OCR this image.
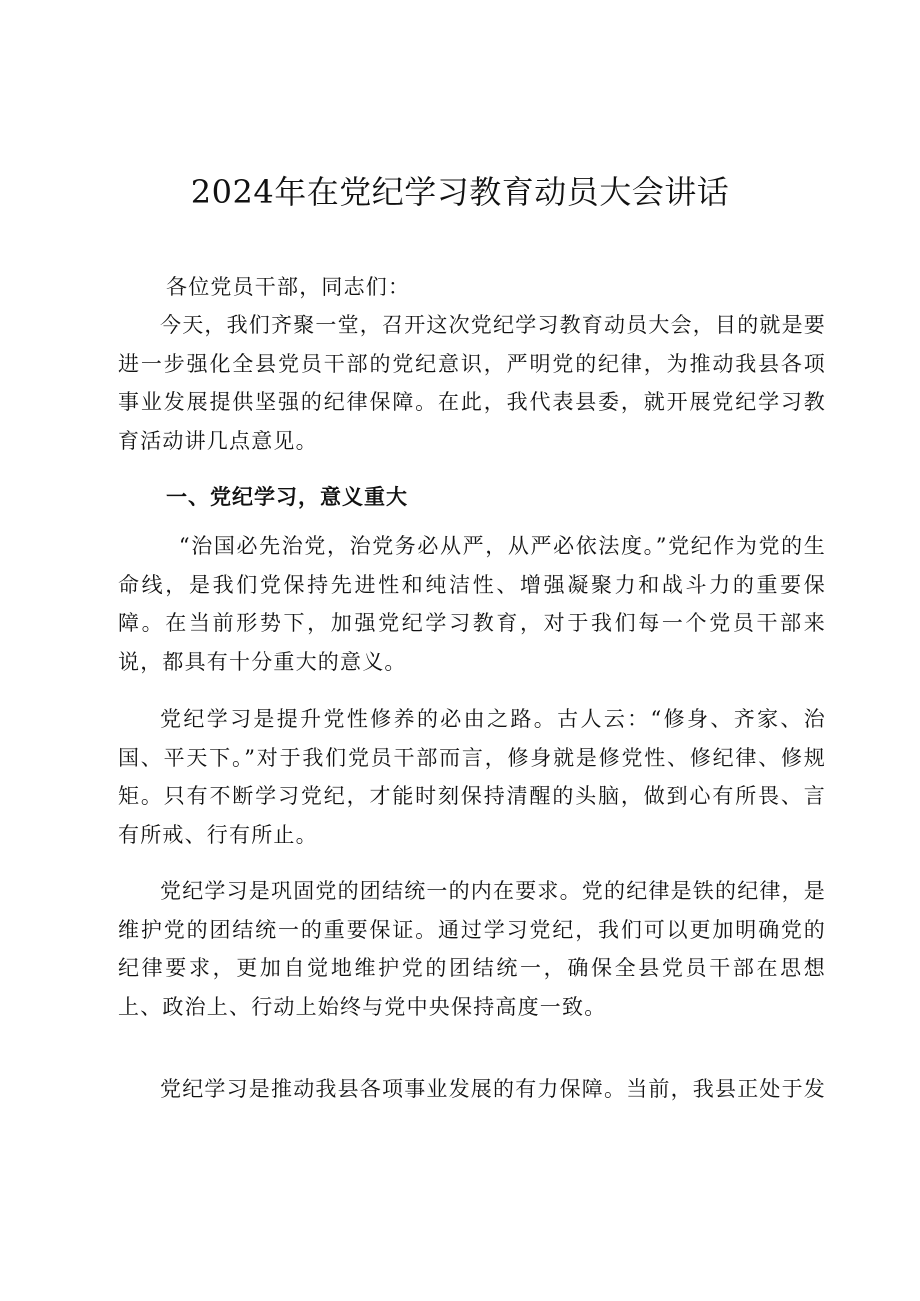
2024年在党纪学习教育动员大会讲话

各位党员干部，同志们：

今天，我们齐聚一堂，召开这次党纪学习教育动员大会，目的就是要进一步强化全县党员干部的党纪意识，严明党的纪律，为推动我县各项事业发展提供坚强的纪律保障。在此，我代表县委，就开展党纪学习教育活动讲几点意见。

一、党纪学习，意义重大

“治国必先治党，治党务必从严，从严必依法度。”党纪作为党的生命线，是我们党保持先进性和纯洁性、增强凝聚力和战斗力的重要保障。在当前形势下，加强党纪学习教育，对于我们每一个党员干部来说，都具有十分重大的意义。

党纪学习是提升党性修养的必由之路。古人云：“修身、齐家、治国、平天下。”对于我们党员干部而言，修身就是修党性、修纪律、修规矩。只有不断学习党纪，才能时刻保持清醒的头脑，做到心有所畏、言有所戒、行有所止。

党纪学习是巩固党的团结统一的内在要求。党的纪律是铁的纪律，是维护党的团结统一的重要保证。通过学习党纪，我们可以更加明确党的纪律要求，更加自觉地维护党的团结统一，确保全县党员干部在思想上、政治上、行动上始终与党中央保持高度一致。

党纪学习是推动我县各项事业发展的有力保障。当前，我县正处于发
